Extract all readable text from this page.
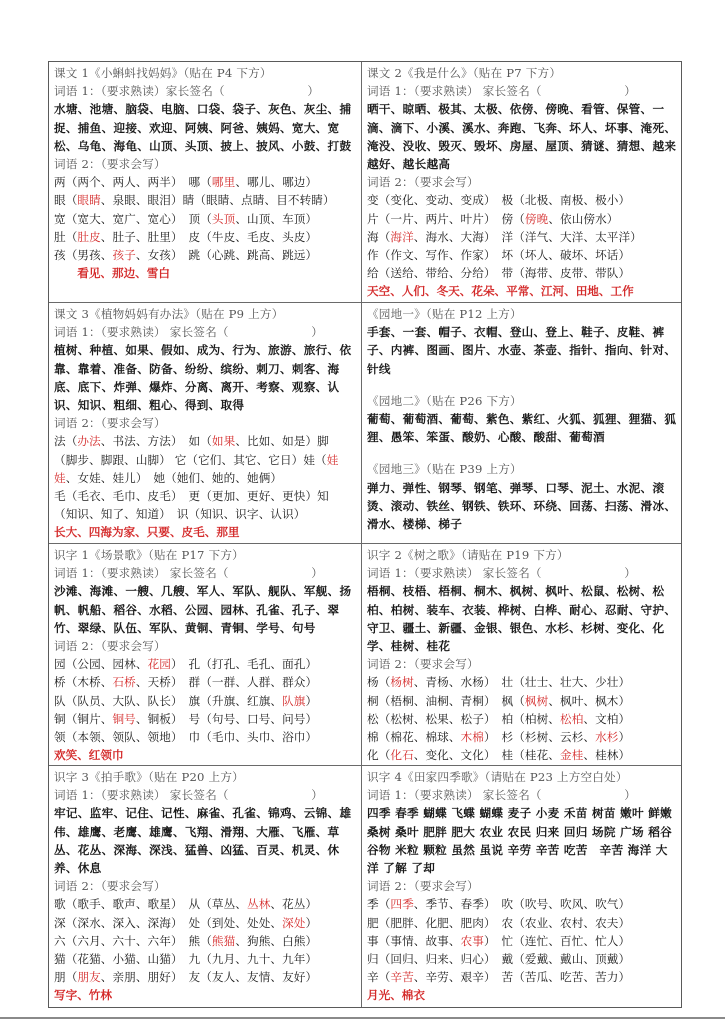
课文 1《小蝌蚪找妈妈》（贴在 P4 下方）
词语 1：（要求熟读）家长签名（　　　　　　　）
水塘、池塘、脑袋、电脑、口袋、袋子、灰色、灰尘、捕捉、捕鱼、迎接、欢迎、阿姨、阿爸、姨妈、宽大、宽松、乌龟、海龟、山顶、头顶、披上、披风、小鼓、打鼓
词语 2：（要求会写）
两（两个、两人、两半）　哪（哪里、哪儿、哪边）
眼（眼睛、泉眼、眼泪）睛（眼睛、点睛、目不转睛）
宽（宽大、宽广、宽心）　顶（头顶、山顶、车顶）
肚（肚皮、肚子、肚里）　皮（牛皮、毛皮、头皮）
孩（男孩、孩子、女孩）　跳（心跳、跳高、跳远）
　　看见、那边、雪白
课文 2《我是什么》（贴在 P7 下方）
词语 1：（要求熟读） 家长签名（　　　　　　　）
晒干、晾晒、极其、太极、依傍、傍晚、看管、保管、一滴、滴下、小溪、溪水、奔跑、飞奔、坏人、坏事、淹死、淹没、没收、毁灭、毁坏、房屋、屋顶、猜谜、猜想、越来越好、越长越高
词语 2：（要求会写）
变（变化、变动、变成）　极（北极、南极、极小）
片（一片、两片、叶片）　傍（傍晚、依山傍水）
海（海洋、海水、大海）　洋（洋气、大洋、太平洋）
作（作文、写作、作家）　坏（坏人、破坏、坏话）
给（送给、带给、分给）　带（海带、皮带、带队）
天空、人们、冬天、花朵、平常、江河、田地、工作
课文 3《植物妈妈有办法》（贴在 P9 上方）
词语 1：（要求熟读） 家长签名（　　　　　　　）
植树、种植、如果、假如、成为、行为、旅游、旅行、依靠、靠着、准备、防备、纷纷、缤纷、刺刀、刺客、海底、底下、炸弹、爆炸、分离、离开、考察、观察、认识、知识、粗细、粗心、得到、取得
词语 2：（要求会写）
法（办法、书法、方法）　如（如果、比如、如是）脚
（脚步、脚跟、山脚） 它（它们、其它、它日）娃（娃
娃、女娃、娃儿）　她（她们、她的、她俩）
毛（毛衣、毛巾、皮毛）　更（更加、更好、更快）知
（知识、知了、知道）　识（知识、识字、认识）
长大、四海为家、只要、皮毛、那里
《园地一》（贴在 P12 上方）
手套、一套、帽子、衣帽、登山、登上、鞋子、皮鞋、裤子、内裤、图画、图片、水壶、茶壶、指针、指向、针对、针线
《园地二》（贴在 P26 下方）
葡萄、葡萄酒、葡萄、紫色、紫红、火狐、狐狸、狸猫、狐狸、愚笨、笨蛋、酸奶、心酸、酸甜、葡萄酒
《园地三》（贴在 P39 上方）
弹力、弹性、钢琴、钢笔、弹琴、口琴、泥土、水泥、滚烫、滚动、铁丝、钢铁、铁环、环绕、回荡、扫荡、滑冰、滑水、楼梯、梯子
识字 1《场景歌》（贴在 P17 下方）
词语 1：（要求熟读） 家长签名（　　　　　　　）
沙滩、海滩、一艘、几艘、军人、军队、舰队、军舰、扬帆、帆船、稻谷、水稻、公园、园林、孔雀、孔子、翠竹、翠绿、队伍、军队、黄铜、青铜、学号、句号
词语 2：（要求会写）
园（公园、园林、花园）　孔（打孔、毛孔、面孔）
桥（木桥、石桥、天桥）　群（一群、人群、群众）
队（队员、大队、队长）　旗（升旗、红旗、队旗）
铜（铜片、铜号、铜板）　号（句号、口号、问号）
领（本领、领队、领地）　巾（毛巾、头巾、浴巾）
欢笑、红领巾
识字 2《树之歌》（请贴在 P19 下方）
词语 1：（要求熟读） 家长签名（　　　　　　　）
梧桐、枝梧、梧桐、桐木、枫树、枫叶、松鼠、松树、松柏、柏树、装车、衣装、桦树、白桦、耐心、忍耐、守护、守卫、疆土、新疆、金银、银色、水杉、杉树、变化、化学、桂树、桂花
词语 2：（要求会写）
杨（杨树、青杨、水杨）　壮（壮士、壮大、少壮）
桐（梧桐、油桐、青桐）　枫（枫树、枫叶、枫木）
松（松树、松果、松子）　柏（柏树、松柏、文柏）
棉（棉花、棉球、木棉）　杉（杉树、云杉、水杉）
化（化石、变化、文化）　桂（桂花、金桂、桂林）
识字 3《拍手歌》（贴在 P20 上方）
词语 1：（要求熟读） 家长签名（　　　　　　　）
牢记、监牢、记住、记性、麻雀、孔雀、锦鸡、云锦、雄伟、雄鹰、老鹰、雄鹰、飞翔、滑翔、大雁、飞雁、草丛、花丛、深海、深浅、猛兽、凶猛、百灵、机灵、休养、休息
词语 2：（要求会写）
歌（歌手、歌声、歌星）　从（草丛、丛林、花丛）
深（深水、深入、深海）　处（到处、处处、深处）
六（六月、六十、六年）　熊（熊猫、狗熊、白熊）
猫（花猫、小猫、山猫）　九（九月、九十、九年）
朋（朋友、亲朋、朋好）　友（友人、友情、友好）
写字、竹林
识字 4《田家四季歌》（请贴在 P23 上方空白处）
词语 1：（要求熟读） 家长签名（　　　　　　　）
四季 春季 蝴蝶 飞蝶 蝴蝶 麦子 小麦 禾苗 树苗 嫩叶 鲜嫩 桑树 桑叶 肥胖 肥大 农业 农民 归来 回归 场院 广场 稻谷 谷物 米粒 颗粒 虽然 虽说 辛劳 辛苦 吃苦　辛苦 海洋 大洋 了解 了却
词语 2：（要求会写）
季（四季、季节、春季）　吹（吹号、吹风、吹气）
肥（肥胖、化肥、肥肉）　农（农业、农村、农夫）
事（事情、故事、农事）　忙（连忙、百忙、忙人）
归（回归、归来、归心）　戴（爱戴、戴山、顶戴）
辛（辛苦、辛劳、艰辛）　苦（苦瓜、吃苦、苦力）
月光、棉衣
